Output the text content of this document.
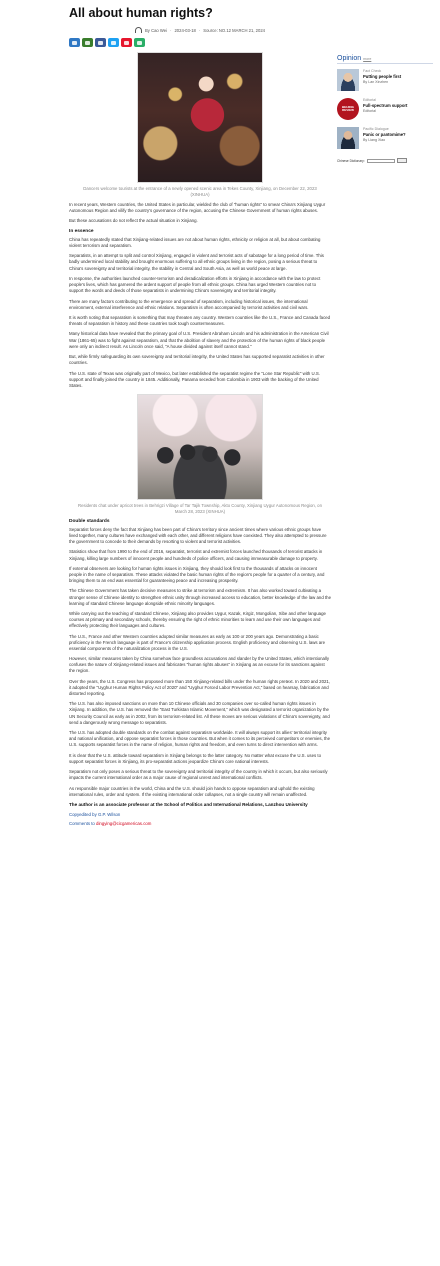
All about human rights?
By Cao Wei · 2024-03-18 · Source: NO.12 MARCH 21, 2024

Dancers welcome tourists at the entrance of a newly opened scenic area in Tekes County, Xinjiang, on December 22, 2023 (XINHUA)

In recent years, Western countries, the United States in particular, wielded the club of "human rights" to smear China's Xinjiang Uygur Autonomous Region and vilify the country's governance of the region, accusing the Chinese Government of human rights abuses.

But these accusations do not reflect the actual situation in Xinjiang.

In essence

China has repeatedly stated that Xinjiang-related issues are not about human rights, ethnicity or religion at all, but about combating violent terrorism and separatism.

Separatists, in an attempt to split and control Xinjiang, engaged in violent and terrorist acts of sabotage for a long period of time. This badly undermined local stability and brought enormous suffering to all ethnic groups living in the region, posing a serious threat to China's sovereignty and territorial integrity, the stability in Central and South Asia, as well as world peace at large.

In response, the authorities launched counter-terrorism and deradicalization efforts in Xinjiang in accordance with the law to protect people's lives, which has garnered the ardent support of people from all ethnic groups. China has urged Western countries not to support the words and deeds of those separatists in undermining China's sovereignty and territorial integrity.

There are many factors contributing to the emergence and spread of separatism, including historical issues, the international environment, external interference and ethnic relations. Separatism is often accompanied by terrorist activities and civil wars.

It is worth noting that separatism is something that may threaten any country. Western countries like the U.S., France and Canada faced threats of separatism in history and these countries took tough countermeasures.

Many historical data have revealed that the primary goal of U.S. President Abraham Lincoln and his administration in the American Civil War (1861-65) was to fight against separatism, and that the abolition of slavery and the protection of the human rights of black people were only an indirect result. As Lincoln once said, "A house divided against itself cannot stand."

But, while firmly safeguarding its own sovereignty and territorial integrity, the United States has supported separatist activities in other countries.

The U.S. state of Texas was originally part of Mexico, but later established the separatist regime the "Lone Star Republic" with U.S. support and finally joined the country in 1845. Additionally, Panama seceded from Colombia in 1903 with the backing of the United States.

Residents chat under apricot trees in Behrigzi Village of Tar Tajik Township, Akto County, Xinjiang Uygur Autonomous Region, on March 28, 2023 (XINHUA)

Double standards

Separatist forces deny the fact that Xinjiang has been part of China's territory since ancient times where various ethnic groups have lived together, many cultures have exchanged with each other, and different religions have coexisted. They also attempted to pressure the government to concede to their demands by resorting to violent and terrorist activities.

Statistics show that from 1990 to the end of 2016, separatist, terrorist and extremist forces launched thousands of terrorist attacks in Xinjiang, killing large numbers of innocent people and hundreds of police officers, and causing immeasurable damage to property.

If external observers are looking for human rights issues in Xinjiang, they should look first to the thousands of attacks on innocent people in the name of separatism. These attacks violated the basic human rights of the region's people for a quarter of a century, and bringing them to an end was essential for guaranteeing peace and increasing prosperity.

The Chinese Government has taken decisive measures to strike at terrorism and extremism. It has also worked toward cultivating a stronger sense of Chinese identity to strengthen ethnic unity through increased access to education, better knowledge of the law and the learning of standard Chinese language alongside ethnic minority languages.

While carrying out the teaching of standard Chinese, Xinjiang also provides Uygur, Kazak, Kirgiz, Mongolian, Xibe and other language courses at primary and secondary schools, thereby ensuring the right of ethnic minorities to learn and use their own languages and effectively protecting their languages and cultures.

The U.S., France and other Western countries adopted similar measures as early as 100 or 200 years ago. Demonstrating a basic proficiency in the French language is part of France's citizenship application process. English proficiency and observing U.S. laws are essential components of the naturalization process in the U.S.

However, similar measures taken by China somehow face groundless accusations and slander by the United States, which intentionally confuses the nature of Xinjiang-related issues and fabricates "human rights abuses" in Xinjiang as an excuse for its sanctions against the region.

Over the years, the U.S. Congress has proposed more than 150 Xinjiang-related bills under the human rights pretext. In 2020 and 2021, it adopted the "Uyghur Human Rights Policy Act of 2020" and "Uyghur Forced Labor Prevention Act," based on hearsay, fabrication and distorted reporting.

The U.S. has also imposed sanctions on more than 10 Chinese officials and 30 companies over so-called human rights issues in Xinjiang. In addition, the U.S. has removed the "East Turkistan Islamic Movement," which was designated a terrorist organization by the UN Security Council as early as in 2002, from its terrorism-related list. All these moves are serious violations of China's sovereignty, and send a dangerously wrong message to separatists.

The U.S. has adopted double standards on the combat against separatism worldwide. It will always support its allies' territorial integrity and national unification, and oppose separatist forces in those countries. But when it comes to its perceived competitors or enemies, the U.S. supports separatist forces in the name of religion, human rights and freedom, and even turns to direct intervention with arms.

It is clear that the U.S. attitude toward separatism in Xinjiang belongs to the latter category. No matter what excuse the U.S. uses to support separatist forces in Xinjiang, its pro-separatist actions jeopardize China's core national interests.

Separatism not only poses a serious threat to the sovereignty and territorial integrity of the country in which it occurs, but also seriously impacts the current international order as a major cause of regional unrest and international conflicts.

As responsible major countries in the world, China and the U.S. should join hands to oppose separatism and uphold the existing international rules, order and system. If the existing international order collapses, not a single country will remain unaffected.

The author is an associate professor at the School of Politics and International Relations, Lanzhou University

Copyedited by G.P. Wilson

Comments to dingying@cicgamericas.com

Opinion more
Fact Check
Putting people first
By Lan Xinzhen
BEIJING
REVIEW
Editorial
Full-spectrum support
Editorial
Pacific Dialogue
Panic or pantomime?
By Liang Xiao
Chinese Dictionary:
